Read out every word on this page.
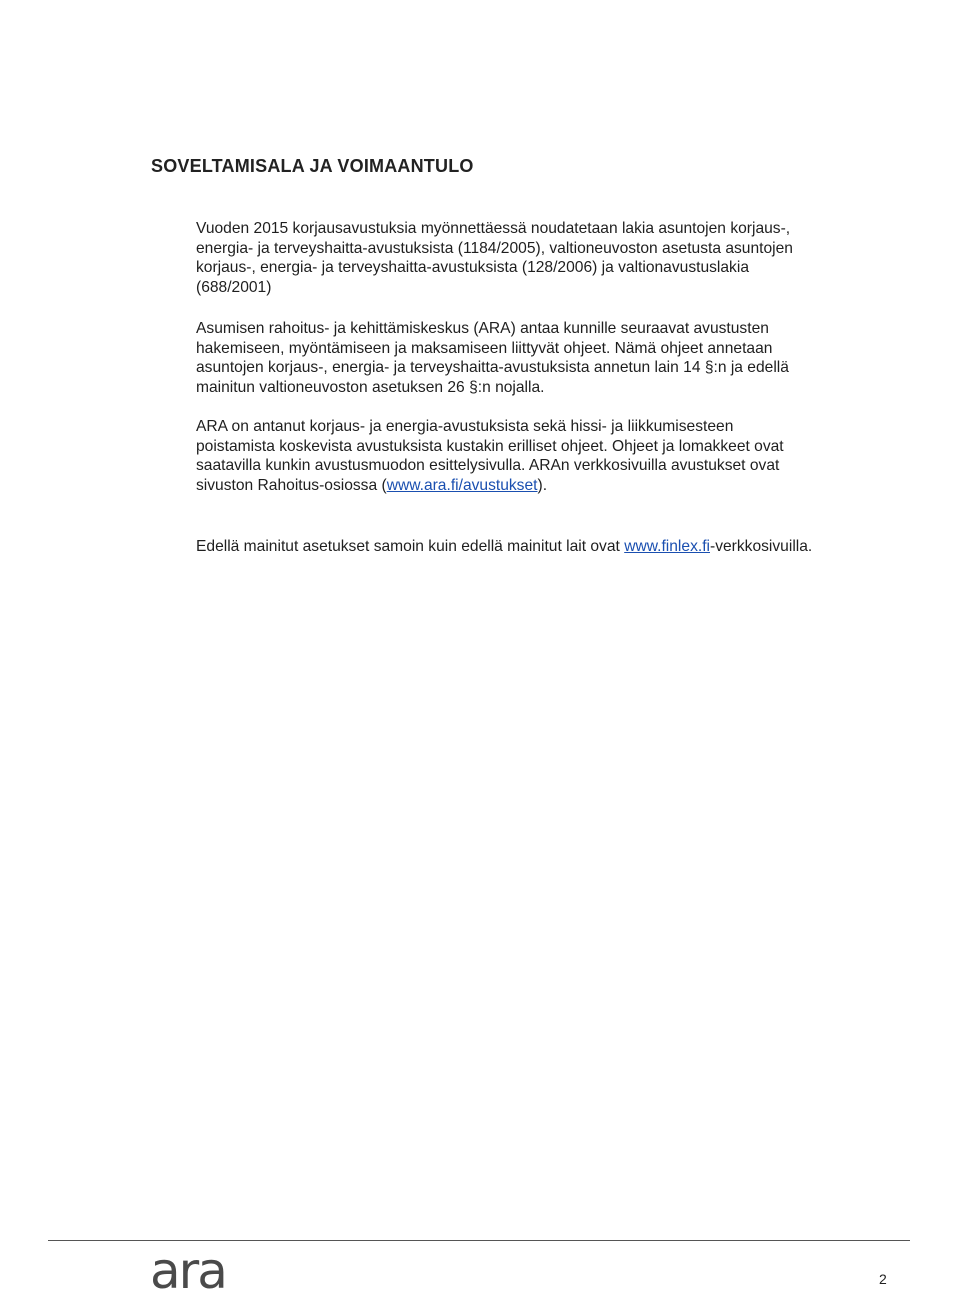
SOVELTAMISALA JA VOIMAANTULO

Vuoden 2015 korjausavustuksia myönnettäessä noudatetaan lakia asuntojen korjaus-, energia- ja terveyshaitta-avustuksista (1184/2005), valtioneuvoston asetusta asuntojen korjaus-, energia- ja terveyshaitta-avustuksista (128/2006) ja valtionavustuslakia (688/2001)

Asumisen rahoitus- ja kehittämiskeskus (ARA) antaa kunnille seuraavat avustusten hakemiseen, myöntämiseen ja maksamiseen liittyvät ohjeet. Nämä ohjeet annetaan asuntojen korjaus-, energia- ja terveyshaitta-avustuksista annetun lain 14 §:n ja edellä mainitun valtioneuvoston asetuksen 26 §:n nojalla.

ARA on antanut korjaus- ja energia-avustuksista sekä hissi- ja liikkumisesteen poistamista koskevista avustuksista kustakin erilliset ohjeet. Ohjeet ja lomakkeet ovat saatavilla kunkin avustusmuodon esittelysivulla. ARAn verkkosivuilla avustukset ovat sivuston Rahoitus-osiossa (www.ara.fi/avustukset).

Edellä mainitut asetukset samoin kuin edellä mainitut lait ovat www.finlex.fi-verkkosivuilla.

ara	2
